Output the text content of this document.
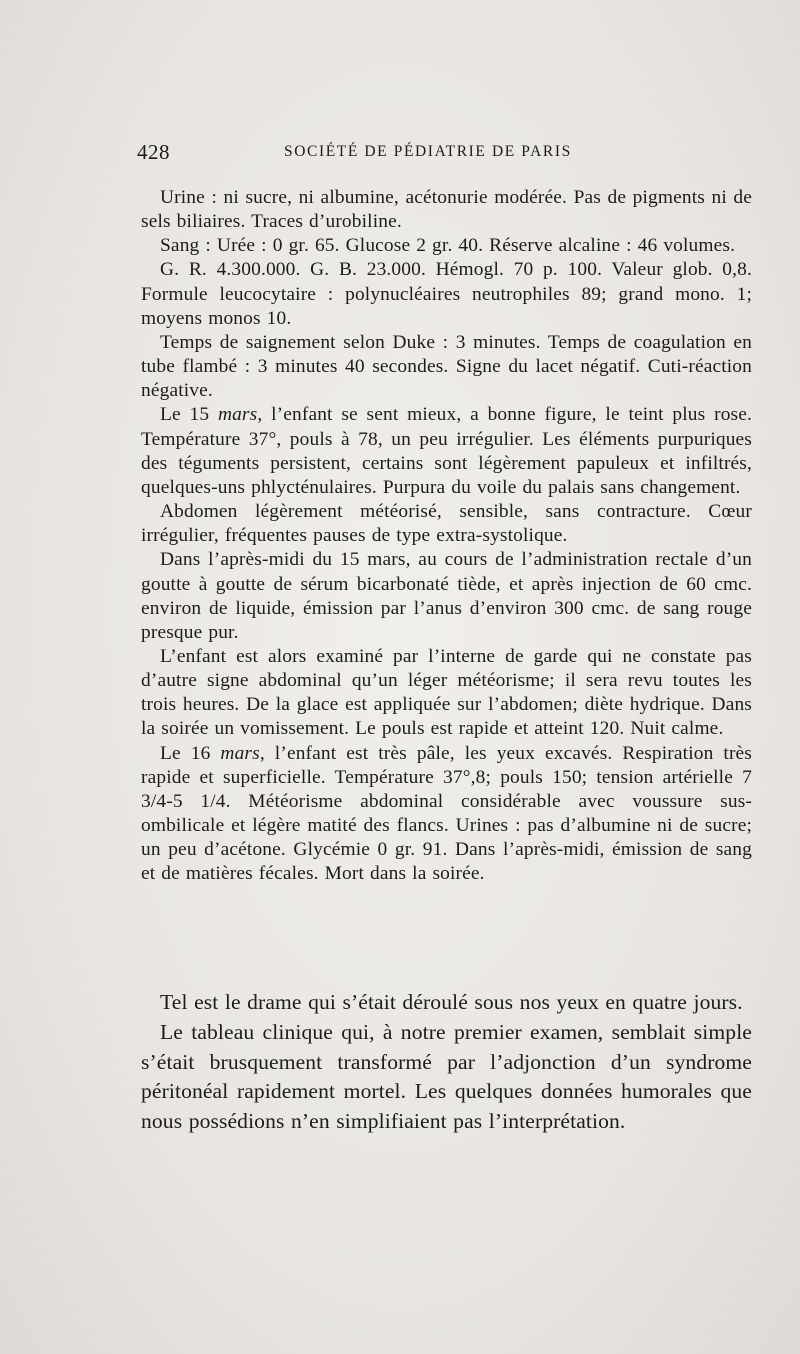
428	SOCIÉTÉ DE PÉDIATRIE DE PARIS

Urine : ni sucre, ni albumine, acétonurie modérée. Pas de pigments ni de sels biliaires. Traces d’urobiline.

Sang : Urée : 0 gr. 65. Glucose 2 gr. 40. Réserve alcaline : 46 volumes.

G. R. 4.300.000. G. B. 23.000. Hémogl. 70 p. 100. Valeur glob. 0,8. Formule leucocytaire : polynucléaires neutrophiles 89; grand mono. 1; moyens monos 10.

Temps de saignement selon Duke : 3 minutes. Temps de coagulation en tube flambé : 3 minutes 40 secondes. Signe du lacet négatif. Cuti-réaction négative.

Le 15 mars, l’enfant se sent mieux, a bonne figure, le teint plus rose. Température 37°, pouls à 78, un peu irrégulier. Les éléments purpuriques des téguments persistent, certains sont légèrement papuleux et infiltrés, quelques-uns phlycténulaires. Purpura du voile du palais sans changement.

Abdomen légèrement météorisé, sensible, sans contracture. Cœur irrégulier, fréquentes pauses de type extra-systolique.

Dans l’après-midi du 15 mars, au cours de l’administration rectale d’un goutte à goutte de sérum bicarbonaté tiède, et après injection de 60 cmc. environ de liquide, émission par l’anus d’environ 300 cmc. de sang rouge presque pur.

L’enfant est alors examiné par l’interne de garde qui ne constate pas d’autre signe abdominal qu’un léger météorisme; il sera revu toutes les trois heures. De la glace est appliquée sur l’abdomen; diète hydrique. Dans la soirée un vomissement. Le pouls est rapide et atteint 120. Nuit calme.

Le 16 mars, l’enfant est très pâle, les yeux excavés. Respiration très rapide et superficielle. Température 37°,8; pouls 150; tension artérielle 7 3/4-5 1/4. Météorisme abdominal considérable avec voussure sus-ombilicale et légère matité des flancs. Urines : pas d’albumine ni de sucre; un peu d’acétone. Glycémie 0 gr. 91. Dans l’après-midi, émission de sang et de matières fécales. Mort dans la soirée.

Tel est le drame qui s’était déroulé sous nos yeux en quatre jours.

Le tableau clinique qui, à notre premier examen, semblait simple s’était brusquement transformé par l’adjonction d’un syndrome péritonéal rapidement mortel. Les quelques données humorales que nous possédions n’en simplifiaient pas l’interprétation.
